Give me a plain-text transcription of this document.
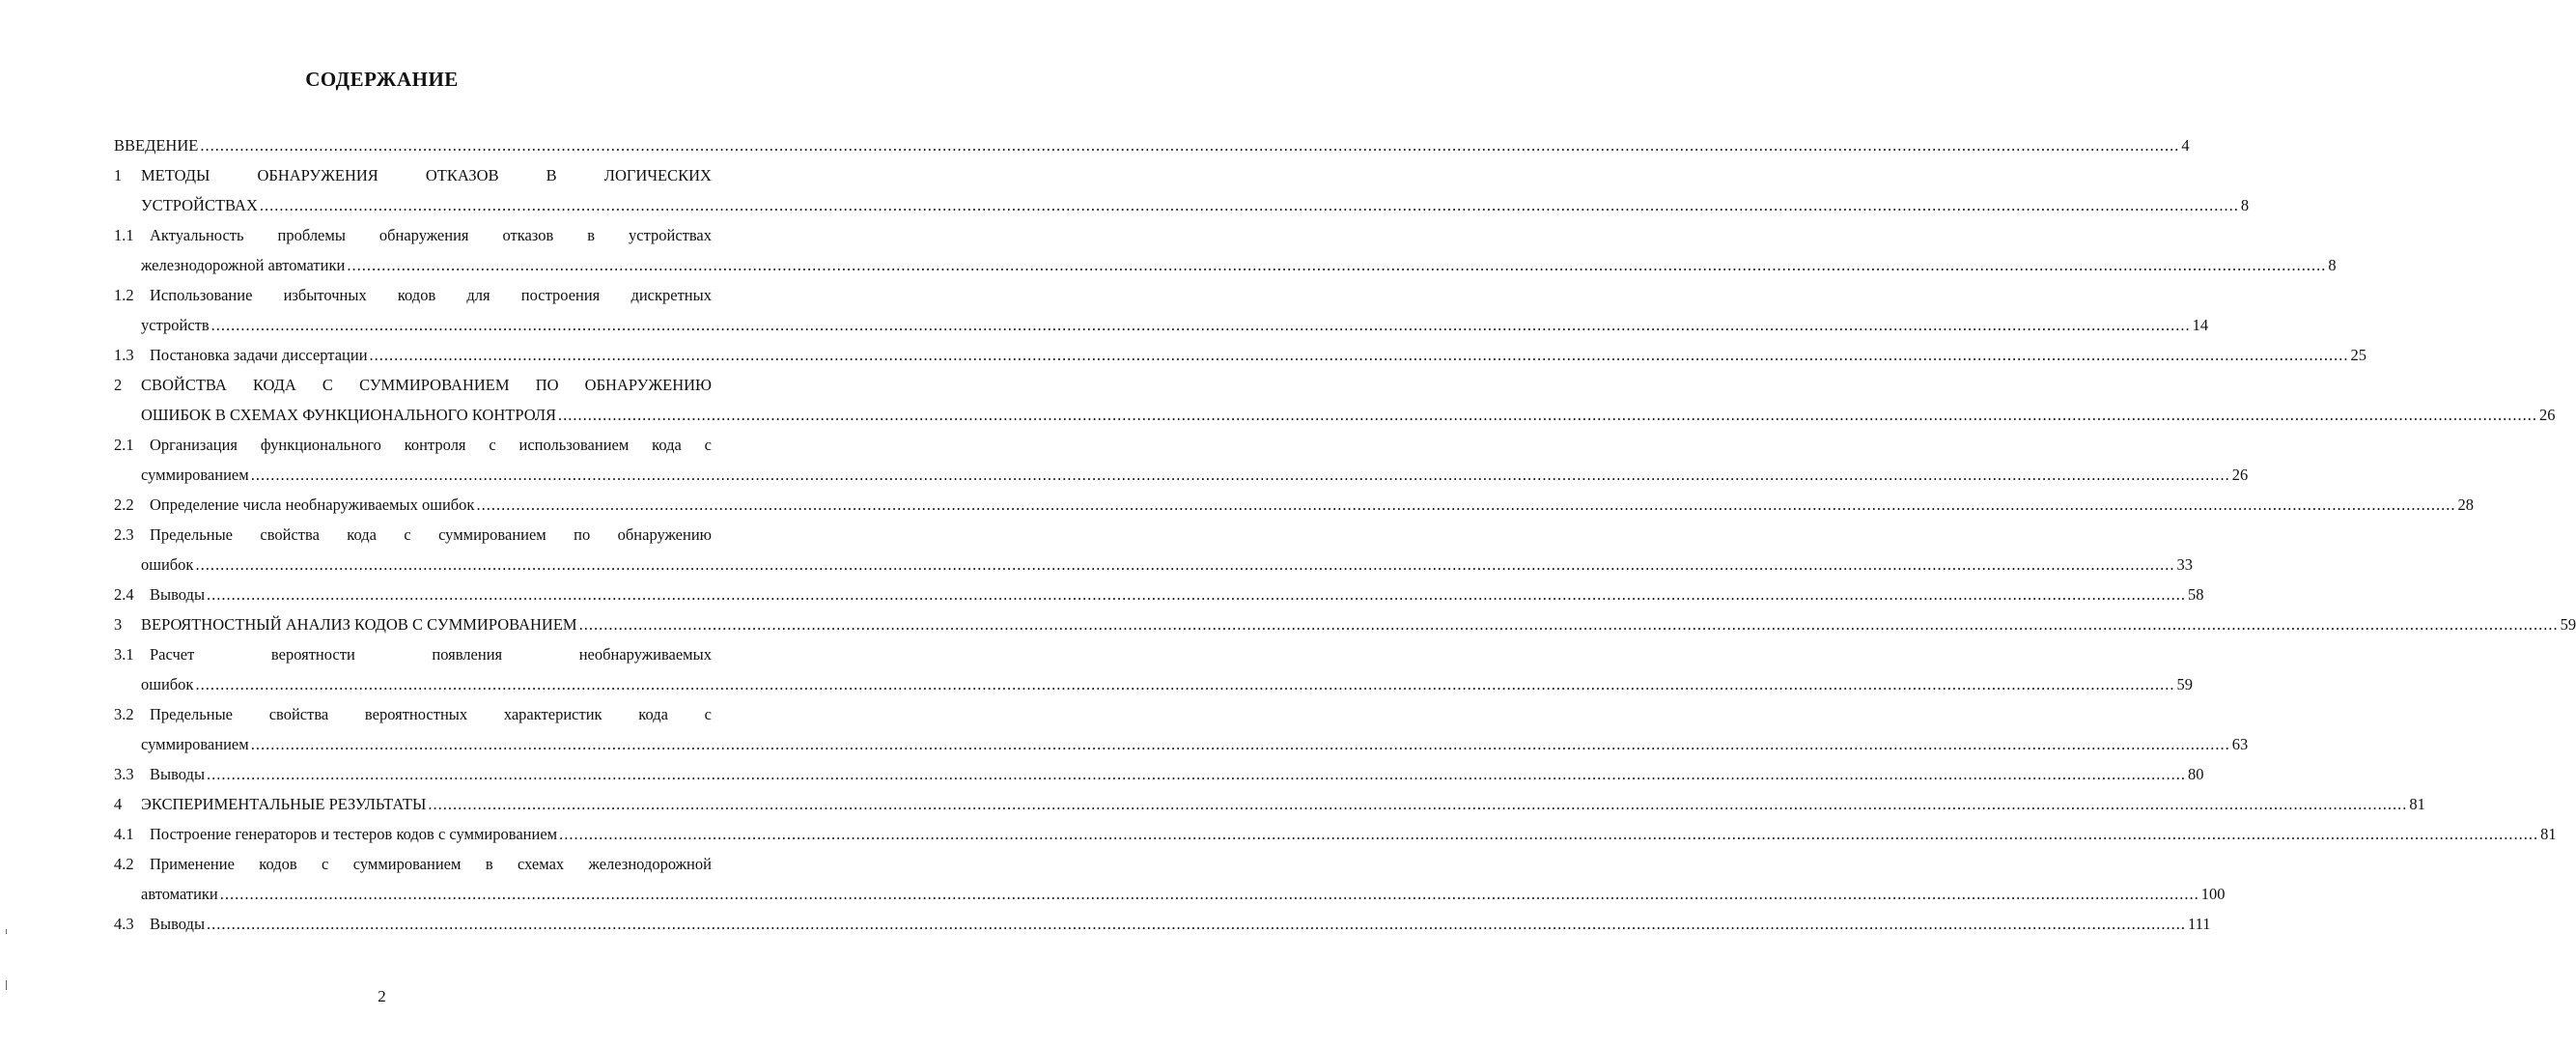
СОДЕРЖАНИЕ
ВВЕДЕНИЕ ................................................................................................................................................................................................................................................................................................................................................................................................................ 4
1 МЕТОДЫ	ОБНАРУЖЕНИЯ	ОТКАЗОВ	В	ЛОГИЧЕСКИХ
УСТРОЙСТВАХ ................................................................................................................................................................................................................................................................................................................................................................................................................ 8
1.1 Актуальность проблемы обнаружения отказов в устройствах
железнодорожной автоматики ................................................................................................................................................................................................................................................................................................................................................................................................................ 8
1.2 Использование избыточных кодов для построения дискретных
устройств ................................................................................................................................................................................................................................................................................................................................................................................................................ 14
1.3 Постановка задачи диссертации ................................................................................................................................................................................................................................................................................................................................................................................................................ 25
2 СВОЙСТВА КОДА С СУММИРОВАНИЕМ ПО ОБНАРУЖЕНИЮ
ОШИБОК В СХЕМАХ ФУНКЦИОНАЛЬНОГО КОНТРОЛЯ ................................................................................................................................................................................................................................................................................................................................................................................................................ 26
2.1 Организация функционального контроля с использованием кода с
суммированием ................................................................................................................................................................................................................................................................................................................................................................................................................ 26
2.2 Определение числа необнаруживаемых ошибок ................................................................................................................................................................................................................................................................................................................................................................................................................ 28
2.3 Предельные свойства кода с суммированием по обнаружению
ошибок ................................................................................................................................................................................................................................................................................................................................................................................................................ 33
2.4 Выводы ................................................................................................................................................................................................................................................................................................................................................................................................................ 58
3 ВЕРОЯТНОСТНЫЙ АНАЛИЗ КОДОВ С СУММИРОВАНИЕМ ................................................................................................................................................................................................................................................................................................................................................................................................................ 59
3.1 Расчет	вероятности	появления	необнаруживаемых
ошибок ................................................................................................................................................................................................................................................................................................................................................................................................................ 59
3.2 Предельные свойства вероятностных характеристик кода с
суммированием ................................................................................................................................................................................................................................................................................................................................................................................................................ 63
3.3 Выводы ................................................................................................................................................................................................................................................................................................................................................................................................................ 80
4 ЭКСПЕРИМЕНТАЛЬНЫЕ РЕЗУЛЬТАТЫ ................................................................................................................................................................................................................................................................................................................................................................................................................ 81
4.1 Построение генераторов и тестеров кодов с суммированием ................................................................................................................................................................................................................................................................................................................................................................................................................ 81
4.2 Применение кодов с суммированием в схемах железнодорожной
автоматики ................................................................................................................................................................................................................................................................................................................................................................................................................ 100
4.3 Выводы ................................................................................................................................................................................................................................................................................................................................................................................................................ 111
2
